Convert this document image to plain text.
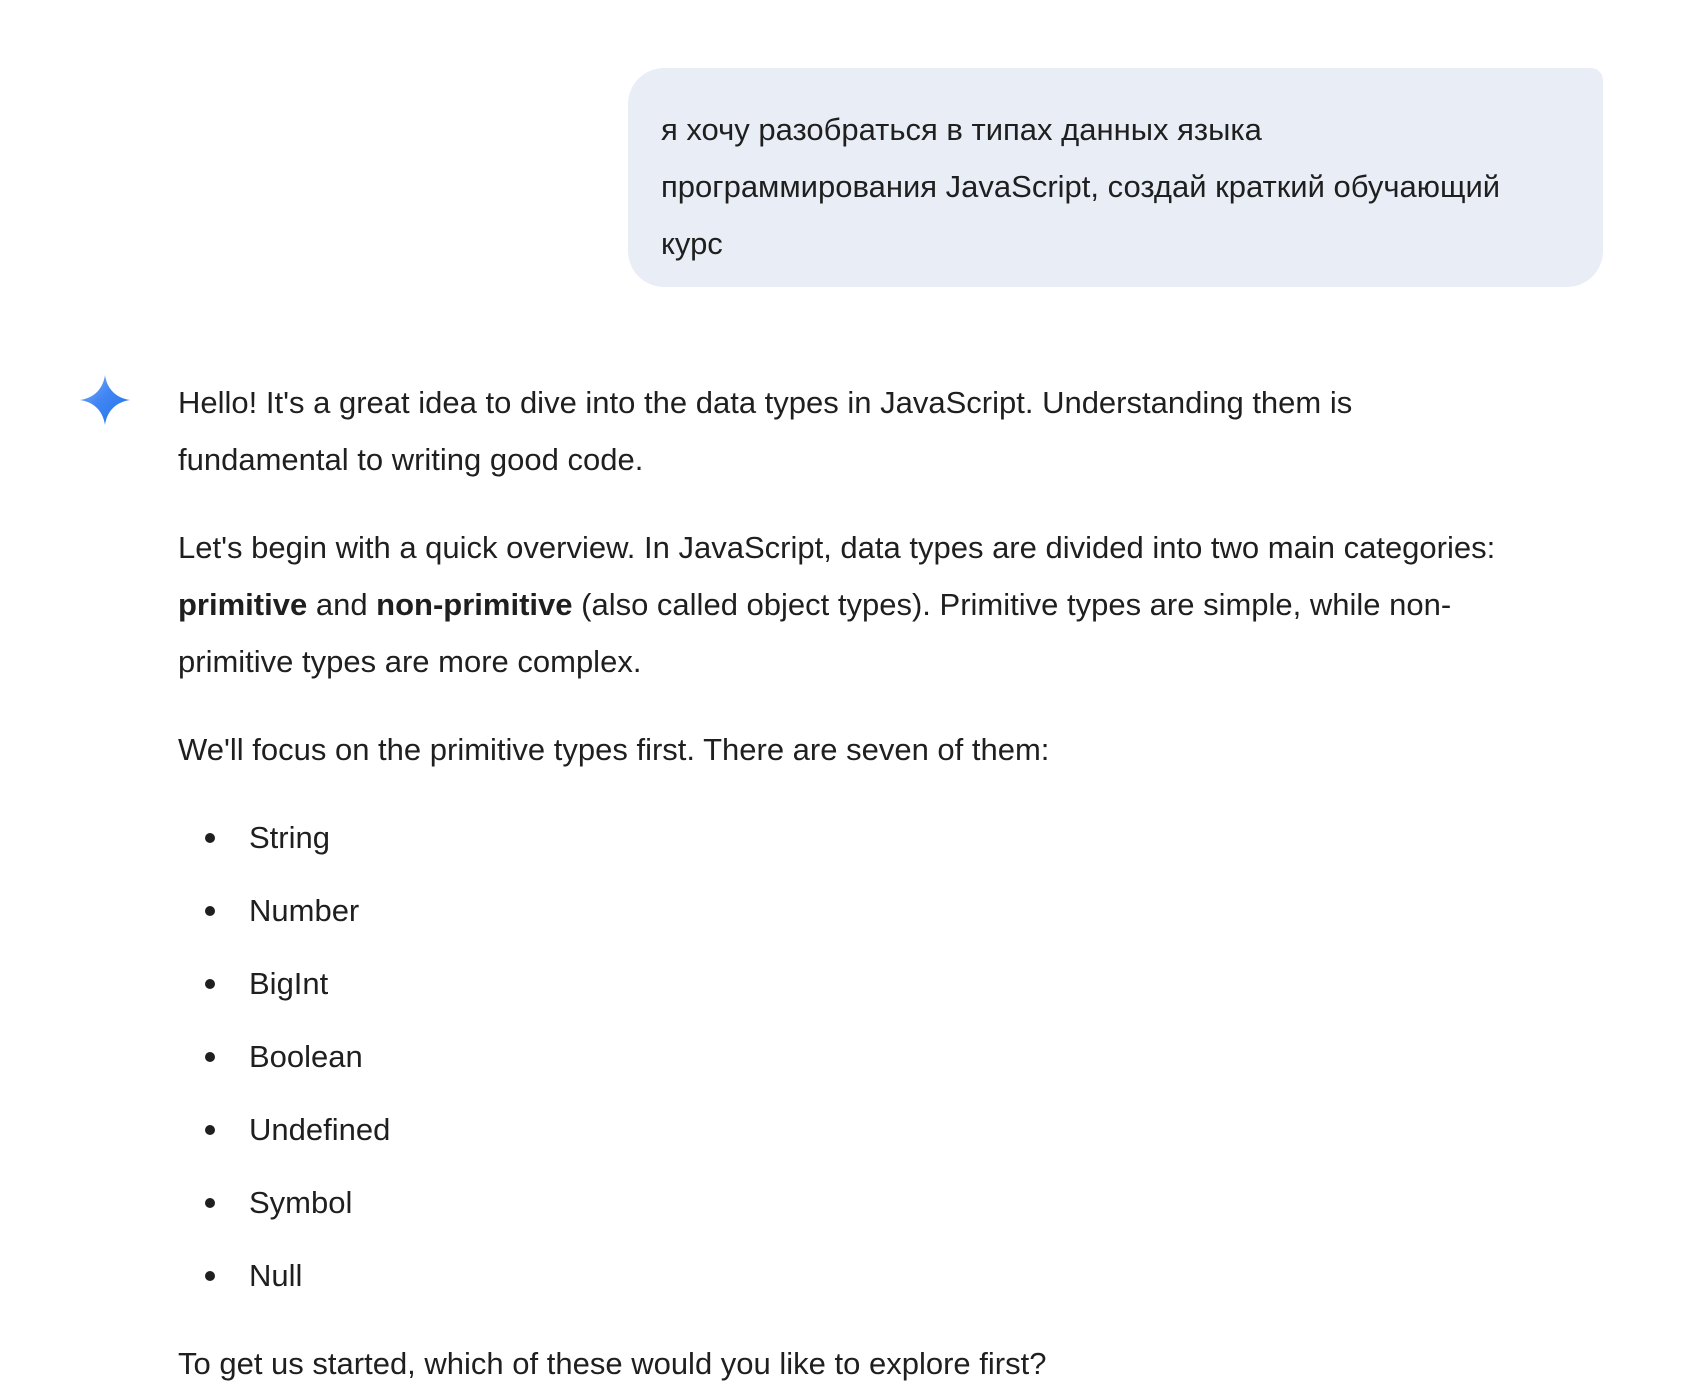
я хочу разобраться в типах данных языка
программирования JavaScript, создай краткий обучающий
курс

Hello! It's a great idea to dive into the data types in JavaScript. Understanding them is
fundamental to writing good code.

Let's begin with a quick overview. In JavaScript, data types are divided into two main categories:
primitive and non-primitive (also called object types). Primitive types are simple, while non-
primitive types are more complex.

We'll focus on the primitive types first. There are seven of them:

String
Number
BigInt
Boolean
Undefined
Symbol
Null

To get us started, which of these would you like to explore first?
